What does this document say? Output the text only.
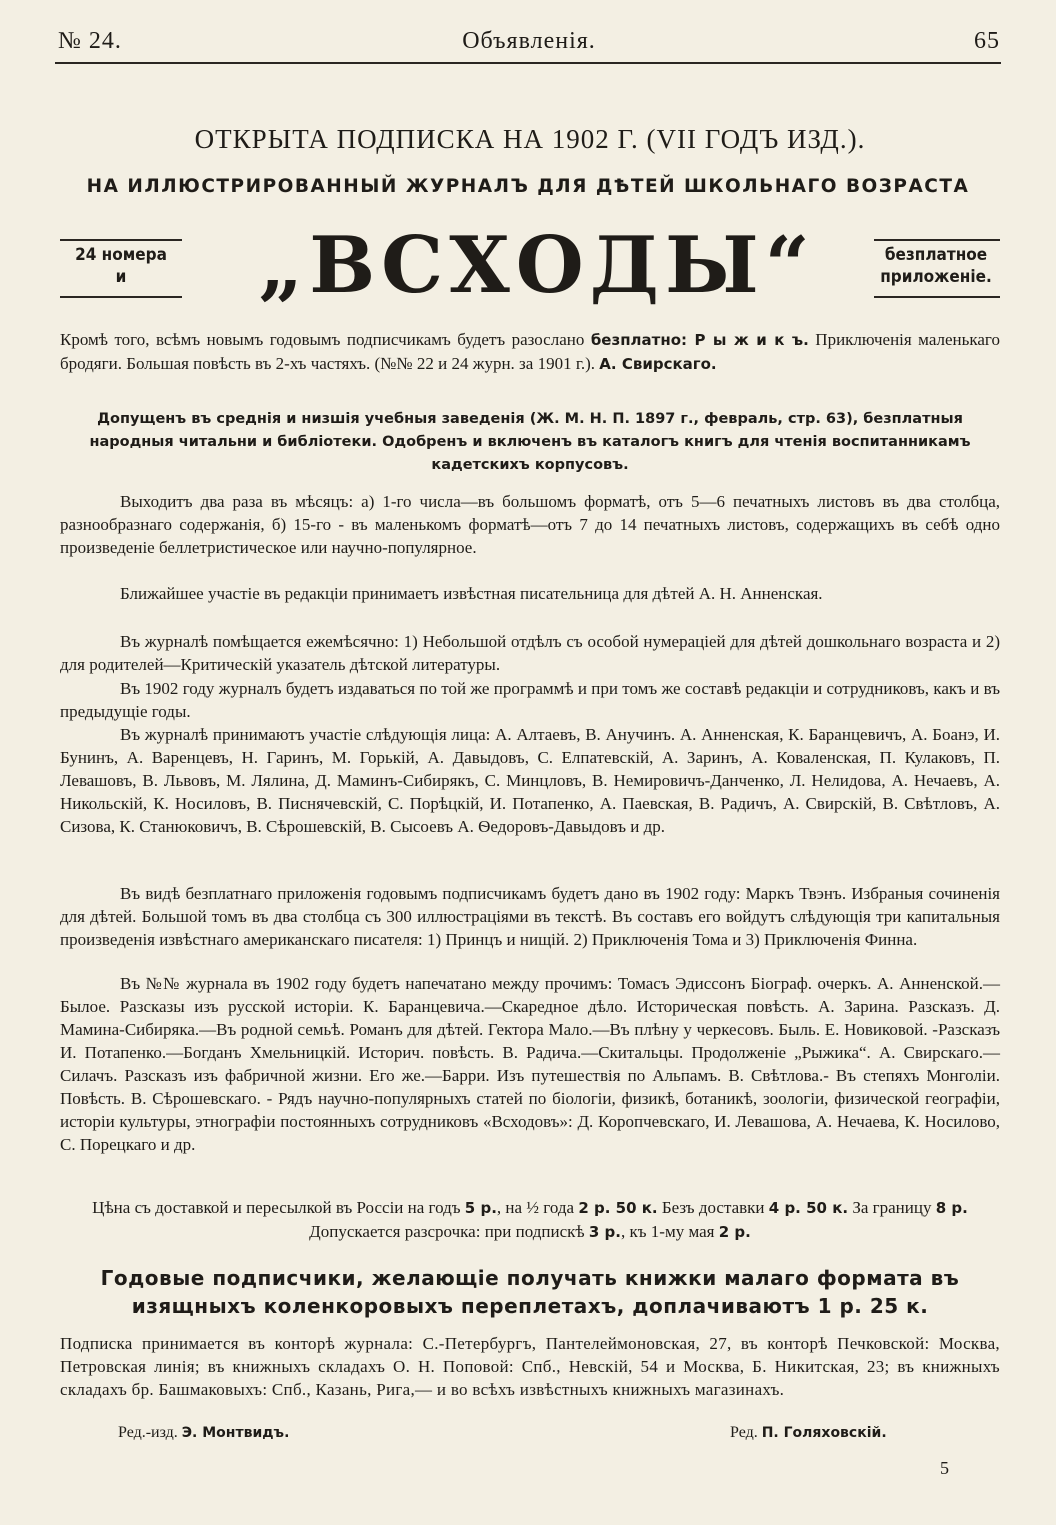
№ 24.	Объявленія.	65
ОТКРЫТА ПОДПИСКА НА 1902 Г. (VII ГОДЪ ИЗД.).
НА ИЛЛЮСТРИРОВАННЫЙ ЖУРНАЛЪ ДЛЯ ДѢТЕЙ ШКОЛЬНАГО ВОЗРАСТА
24 номера
и	„ВСХОДЫ“	безплатное
приложеніе.
Кромѣ того, всѣмъ новымъ годовымъ подписчикамъ будетъ разослано безплатно: Р ы ж и к ъ. Приключенія маленькаго бродяги. Большая повѣсть въ 2-хъ частяхъ. (№№ 22 и 24 журн. за 1901 г.). А. Свирскаго.
Допущенъ въ среднія и низшія учебныя заведенія (Ж. М. Н. П. 1897 г., февраль, стр. 63), безплатныя народныя читальни и библіотеки. Одобренъ и включенъ въ каталогъ книгъ для чтенія воспитанникамъ кадетскихъ корпусовъ.
Выходитъ два раза въ мѣсяцъ: а) 1-го числа—въ большомъ форматѣ, отъ 5—6 печатныхъ листовъ въ два столбца, разнообразнаго содержанія, б) 15-го - въ маленькомъ форматѣ—отъ 7 до 14 печатныхъ листовъ, содержащихъ въ себѣ одно произведеніе беллетристическое или научно-популярное.
Ближайшее участіе въ редакціи принимаетъ извѣстная писательница для дѣтей А. Н. Анненская.
Въ журналѣ помѣщается ежемѣсячно: 1) Небольшой отдѣлъ съ особой нумераціей для дѣтей дошкольнаго возраста и 2) для родителей—Критическій указатель дѣтской литературы.
Въ 1902 году журналъ будетъ издаваться по той же программѣ и при томъ же составѣ редакціи и сотрудниковъ, какъ и въ предыдущіе годы.
Въ журналѣ принимаютъ участіе слѣдующія лица: А. Алтаевъ, В. Анучинъ. А. Анненская, К. Баранцевичъ, А. Боанэ, И. Бунинъ, А. Варенцевъ, Н. Гаринъ, М. Горькій, А. Давыдовъ, С. Елпатевскій, А. Заринъ, А. Коваленская, П. Кулаковъ, П. Левашовъ, В. Львовъ, М. Лялина, Д. Маминъ-Сибирякъ, С. Минцловъ, В. Немировичъ-Данченко, Л. Нелидова, А. Нечаевъ, А. Никольскій, К. Носиловъ, В. Писнячевскій, С. Порѣцкій, И. Потапенко, А. Паевская, В. Радичъ, А. Свирскій, В. Свѣтловъ, А. Сизова, К. Станюковичъ, В. Сѣрошевскій, В. Сысоевъ А. Ѳедоровъ-Давыдовъ и др.
Въ видѣ безплатнаго приложенія годовымъ подписчикамъ будетъ дано въ 1902 году: Маркъ Твэнъ. Избраныя сочиненія для дѣтей. Большой томъ въ два столбца съ 300 иллюстраціями въ текстѣ. Въ составъ его войдутъ слѣдующія три капитальныя произведенія извѣстнаго американскаго писателя: 1) Принцъ и нищій. 2) Приключенія Тома и 3) Приключенія Финна.
Въ №№ журнала въ 1902 году будетъ напечатано между прочимъ: Томасъ Эдиссонъ Біограф. очеркъ. А. Анненской.—Былое. Разсказы изъ русской исторіи. К. Баранцевича.—Скаредное дѣло. Историческая повѣсть. А. Зарина. Разсказъ. Д. Мамина-Сибиряка.—Въ родной семьѣ. Романъ для дѣтей. Гектора Мало.—Въ плѣну у черкесовъ. Быль. Е. Новиковой. -Разсказъ И. Потапенко.—Богданъ Хмельницкій. Историч. повѣсть. В. Радича.—Скитальцы. Продолженіе „Рыжика“. А. Свирскаго.—Силачъ. Разсказъ изъ фабричной жизни. Его же.—Барри. Изъ путешествія по Альпамъ. В. Свѣтлова.- Въ степяхъ Монголіи. Повѣсть. В. Сѣрошевскаго. - Рядъ научно-популярныхъ статей по біологіи, физикѣ, ботаникѣ, зоологіи, физической географіи, исторіи культуры, этнографіи постоянныхъ сотрудниковъ «Всходовъ»: Д. Коропчевскаго, И. Левашова, А. Нечаева, К. Носилово, С. Порецкаго и др.
Цѣна съ доставкой и пересылкой въ Россіи на годъ 5 р., на ½ года 2 р. 50 к. Безъ доставки 4 р. 50 к. За границу 8 р. Допускается разсрочка: при подпискѣ 3 р., къ 1-му мая 2 р.
Годовые подписчики, желающіе получать книжки малаго формата въ изящныхъ коленкоровыхъ переплетахъ, доплачиваютъ 1 р. 25 к.
Подписка принимается въ конторѣ журнала: С.-Петербургъ, Пантелеймоновская, 27, въ конторѣ Печковской: Москва, Петровская линія; въ книжныхъ складахъ О. Н. Поповой: Спб., Невскій, 54 и Москва, Б. Никитская, 23; въ книжныхъ складахъ бр. Башмаковыхъ: Спб., Казань, Рига,— и во всѣхъ извѣстныхъ книжныхъ магазинахъ.
Ред.-изд. Э. Монтвидъ.	Ред. П. Голяховскій.
5
